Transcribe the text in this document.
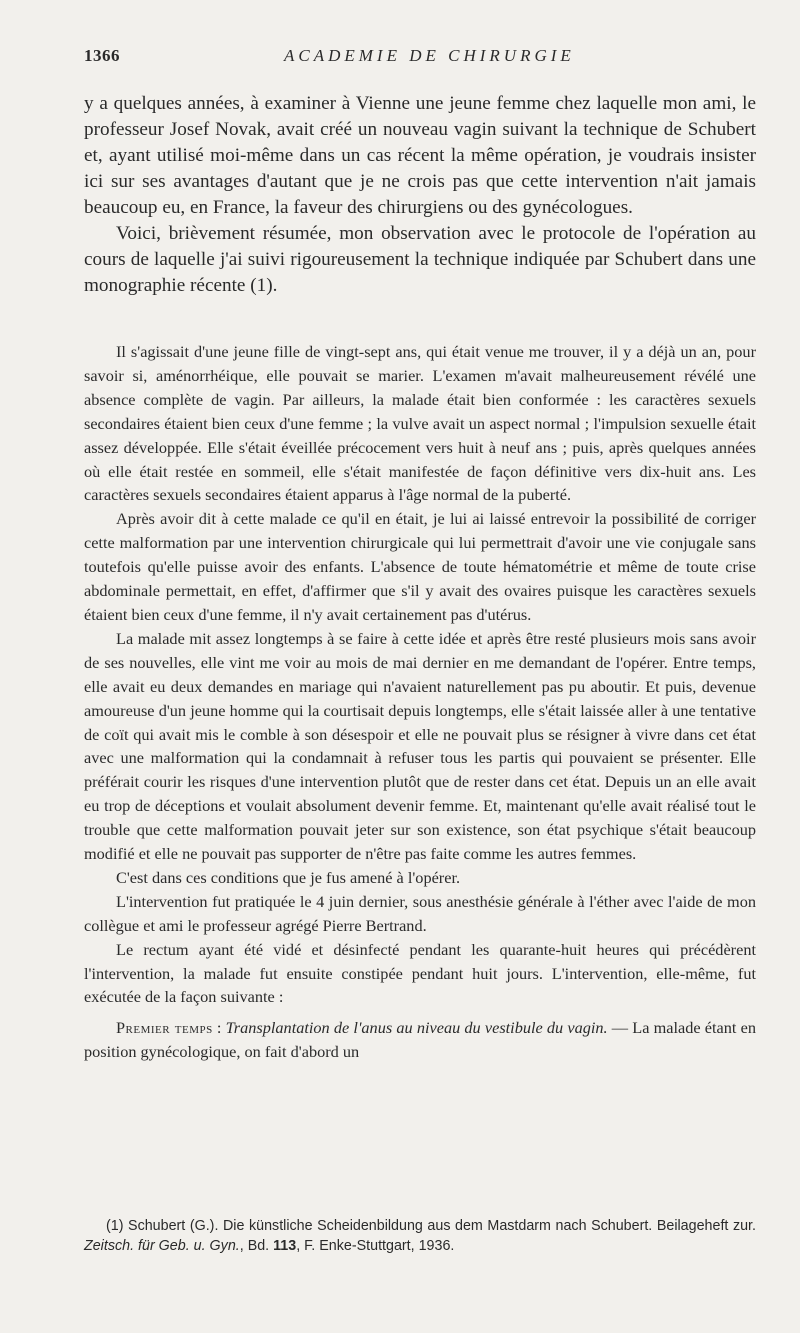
1366	ACADEMIE DE CHIRURGIE

y a quelques années, à examiner à Vienne une jeune femme chez laquelle mon ami, le professeur Josef Novak, avait créé un nouveau vagin suivant la technique de Schubert et, ayant utilisé moi-même dans un cas récent la même opération, je voudrais insister ici sur ses avantages d'autant que je ne crois pas que cette intervention n'ait jamais beaucoup eu, en France, la faveur des chirurgiens ou des gynécologues.

Voici, brièvement résumée, mon observation avec le protocole de l'opération au cours de laquelle j'ai suivi rigoureusement la technique indiquée par Schubert dans une monographie récente (1).

Il s'agissait d'une jeune fille de vingt-sept ans, qui était venue me trouver, il y a déjà un an, pour savoir si, aménorrhéique, elle pouvait se marier. L'examen m'avait malheureusement révélé une absence complète de vagin. Par ailleurs, la malade était bien conformée : les caractères sexuels secondaires étaient bien ceux d'une femme ; la vulve avait un aspect normal ; l'impulsion sexuelle était assez développée. Elle s'était éveillée précocement vers huit à neuf ans ; puis, après quelques années où elle était restée en sommeil, elle s'était manifestée de façon définitive vers dix-huit ans. Les caractères sexuels secondaires étaient apparus à l'âge normal de la puberté.

Après avoir dit à cette malade ce qu'il en était, je lui ai laissé entrevoir la possibilité de corriger cette malformation par une intervention chirurgicale qui lui permettrait d'avoir une vie conjugale sans toutefois qu'elle puisse avoir des enfants. L'absence de toute hématométrie et même de toute crise abdominale permettait, en effet, d'affirmer que s'il y avait des ovaires puisque les caractères sexuels étaient bien ceux d'une femme, il n'y avait certainement pas d'utérus.

La malade mit assez longtemps à se faire à cette idée et après être resté plusieurs mois sans avoir de ses nouvelles, elle vint me voir au mois de mai dernier en me demandant de l'opérer. Entre temps, elle avait eu deux demandes en mariage qui n'avaient naturellement pas pu aboutir. Et puis, devenue amoureuse d'un jeune homme qui la courtisait depuis longtemps, elle s'était laissée aller à une tentative de coït qui avait mis le comble à son désespoir et elle ne pouvait plus se résigner à vivre dans cet état avec une malformation qui la condamnait à refuser tous les partis qui pouvaient se présenter. Elle préférait courir les risques d'une intervention plutôt que de rester dans cet état. Depuis un an elle avait eu trop de déceptions et voulait absolument devenir femme. Et, maintenant qu'elle avait réalisé tout le trouble que cette malformation pouvait jeter sur son existence, son état psychique s'était beaucoup modifié et elle ne pouvait pas supporter de n'être pas faite comme les autres femmes.

C'est dans ces conditions que je fus amené à l'opérer.

L'intervention fut pratiquée le 4 juin dernier, sous anesthésie générale à l'éther avec l'aide de mon collègue et ami le professeur agrégé Pierre Bertrand.

Le rectum ayant été vidé et désinfecté pendant les quarante-huit heures qui précédèrent l'intervention, la malade fut ensuite constipée pendant huit jours. L'intervention, elle-même, fut exécutée de la façon suivante :

Premier temps : Transplantation de l'anus au niveau du vestibule du vagin. — La malade étant en position gynécologique, on fait d'abord un

(1) Schubert (G.). Die künstliche Scheidenbildung aus dem Mastdarm nach Schubert. Beilageheft zur. Zeitsch. für Geb. u. Gyn., Bd. 113, F. Enke-Stuttgart, 1936.
